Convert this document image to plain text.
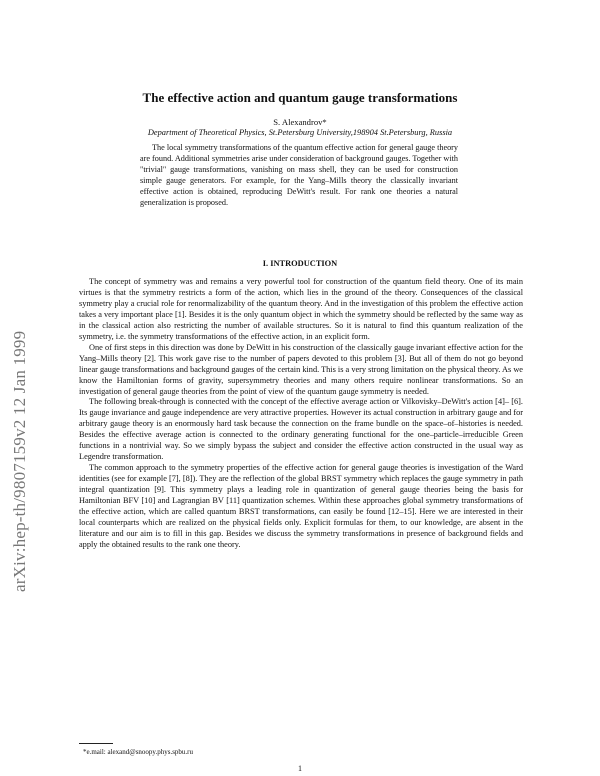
arXiv:hep-th/9807159v2 12 Jan 1999
The effective action and quantum gauge transformations
S. Alexandrov*
Department of Theoretical Physics, St.Petersburg University,198904 St.Petersburg, Russia
The local symmetry transformations of the quantum effective action for general gauge theory are found. Additional symmetries arise under consideration of background gauges. Together with "trivial" gauge transformations, vanishing on mass shell, they can be used for construction simple gauge generators. For example, for the Yang–Mills theory the classically invariant effective action is obtained, reproducing DeWitt's result. For rank one theories a natural generalization is proposed.
I. INTRODUCTION

The concept of symmetry was and remains a very powerful tool for construction of the quantum field theory. One of its main virtues is that the symmetry restricts a form of the action, which lies in the ground of the theory. Consequences of the classical symmetry play a crucial role for renormalizability of the quantum theory. And in the investigation of this problem the effective action takes a very important place [1]. Besides it is the only quantum object in which the symmetry should be reflected by the same way as in the classical action also restricting the number of available structures. So it is natural to find this quantum realization of the symmetry, i.e. the symmetry transformations of the effective action, in an explicit form.

One of first steps in this direction was done by DeWitt in his construction of the classically gauge invariant effective action for the Yang–Mills theory [2]. This work gave rise to the number of papers devoted to this problem [3]. But all of them do not go beyond linear gauge transformations and background gauges of the certain kind. This is a very strong limitation on the physical theory. As we know the Hamiltonian forms of gravity, supersymmetry theories and many others require nonlinear transformations. So an investigation of general gauge theories from the point of view of the quantum gauge symmetry is needed.

The following break-through is connected with the concept of the effective average action or Vilkovisky–DeWitt's action [4]– [6]. Its gauge invariance and gauge independence are very attractive properties. However its actual construction in arbitrary gauge and for arbitrary gauge theory is an enormously hard task because the connection on the frame bundle on the space–of–histories is needed. Besides the effective average action is connected to the ordinary generating functional for the one–particle–irreducible Green functions in a nontrivial way. So we simply bypass the subject and consider the effective action constructed in the usual way as Legendre transformation.

The common approach to the symmetry properties of the effective action for general gauge theories is investigation of the Ward identities (see for example [7], [8]). They are the reflection of the global BRST symmetry which replaces the gauge symmetry in path integral quantization [9]. This symmetry plays a leading role in quantization of general gauge theories being the basis for Hamiltonian BFV [10] and Lagrangian BV [11] quantization schemes. Within these approaches global symmetry transformations of the effective action, which are called quantum BRST transformations, can easily be found [12–15]. Here we are interested in their local counterparts which are realized on the physical fields only. Explicit formulas for them, to our knowledge, are absent in the literature and our aim is to fill in this gap. Besides we discuss the symmetry transformations in presence of background fields and apply the obtained results to the rank one theory.

*e.mail: alexand@snoopy.phys.spbu.ru
1
